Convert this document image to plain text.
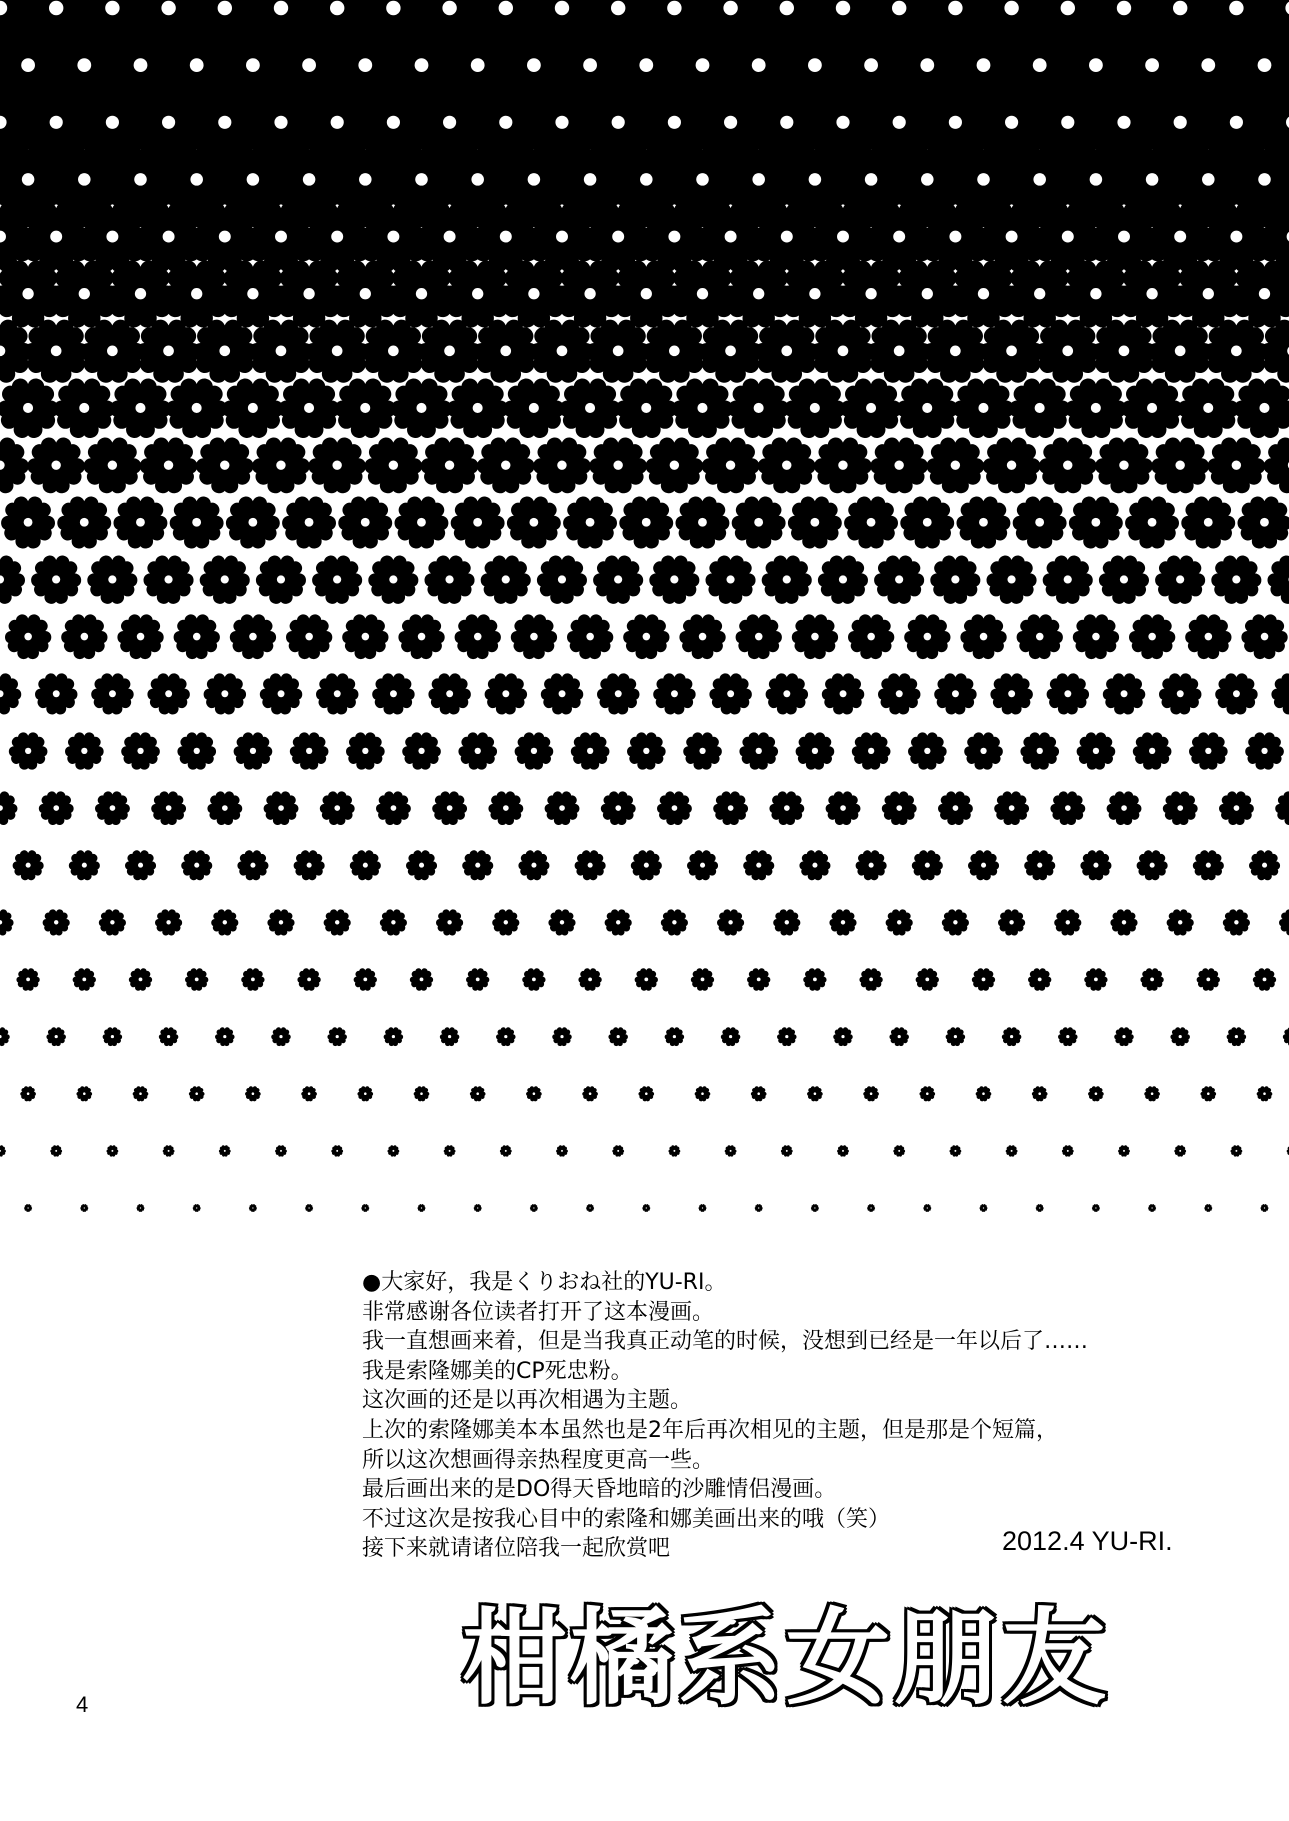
●大家好，我是くりおね社的YU-RI。
非常感谢各位读者打开了这本漫画。
我一直想画来着，但是当我真正动笔的时候，没想到已经是一年以后了……
我是索隆娜美的CP死忠粉。
这次画的还是以再次相遇为主题。
上次的索隆娜美本本虽然也是2年后再次相见的主题，但是那是个短篇，
所以这次想画得亲热程度更高一些。
最后画出来的是DO得天昏地暗的沙雕情侣漫画。
不过这次是按我心目中的索隆和娜美画出来的哦（笑）
接下来就请诸位陪我一起欣赏吧	2012.4 YU-RI.
柑橘系女朋友
4
